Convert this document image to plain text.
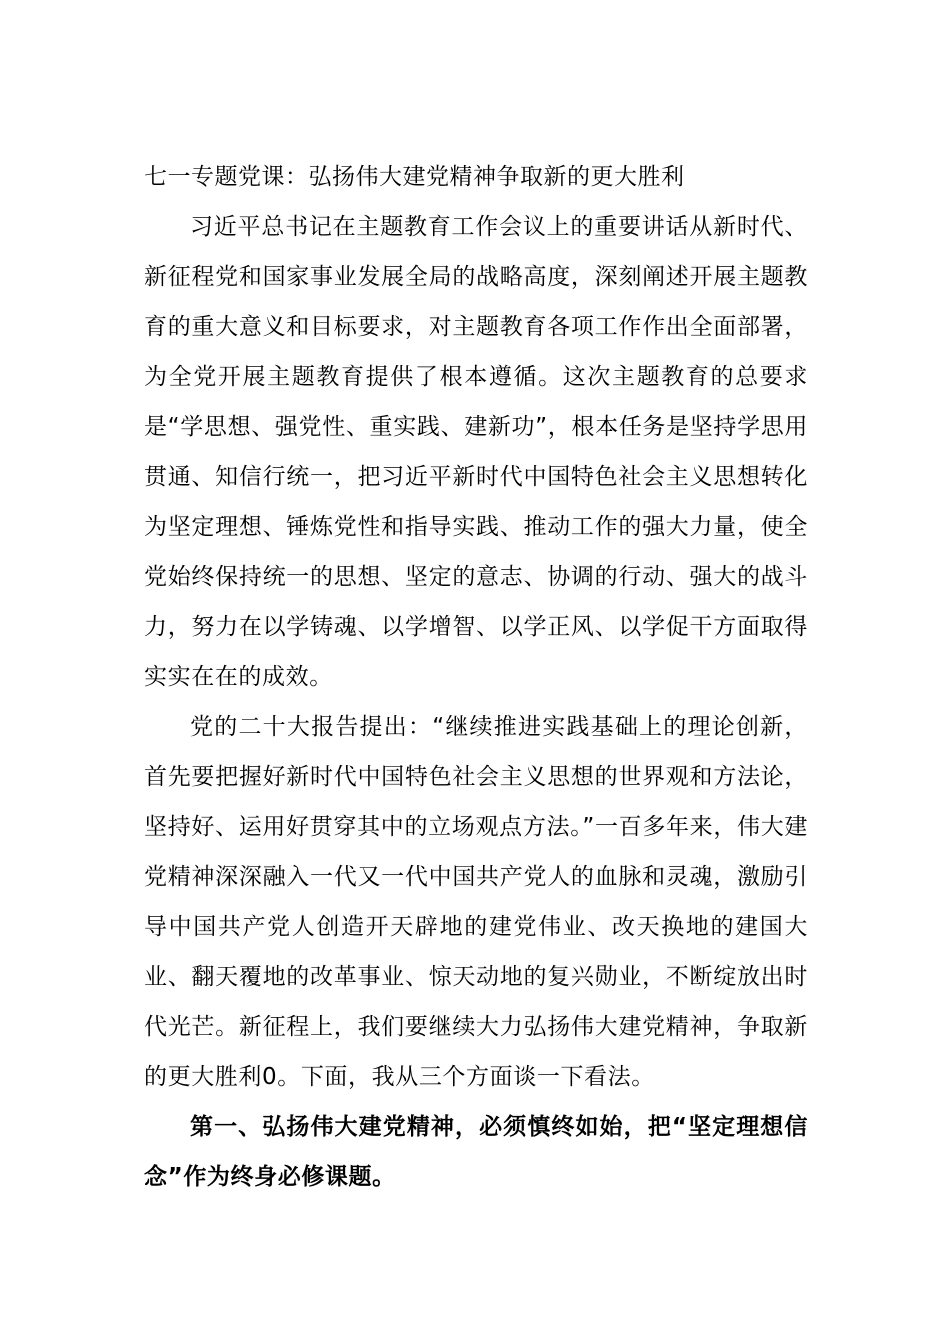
七一专题党课：弘扬伟大建党精神争取新的更大胜利

习近平总书记在主题教育工作会议上的重要讲话从新时代、新征程党和国家事业发展全局的战略高度，深刻阐述开展主题教育的重大意义和目标要求，对主题教育各项工作作出全面部署，为全党开展主题教育提供了根本遵循。这次主题教育的总要求是“学思想、强党性、重实践、建新功”，根本任务是坚持学思用贯通、知信行统一，把习近平新时代中国特色社会主义思想转化为坚定理想、锤炼党性和指导实践、推动工作的强大力量，使全党始终保持统一的思想、坚定的意志、协调的行动、强大的战斗力，努力在以学铸魂、以学增智、以学正风、以学促干方面取得实实在在的成效。

党的二十大报告提出：“继续推进实践基础上的理论创新，首先要把握好新时代中国特色社会主义思想的世界观和方法论，坚持好、运用好贯穿其中的立场观点方法。”一百多年来，伟大建党精神深深融入一代又一代中国共产党人的血脉和灵魂，激励引导中国共产党人创造开天辟地的建党伟业、改天换地的建国大业、翻天覆地的改革事业、惊天动地的复兴勋业，不断绽放出时代光芒。新征程上，我们要继续大力弘扬伟大建党精神，争取新的更大胜利0。下面，我从三个方面谈一下看法。

第一、弘扬伟大建党精神，必须慎终如始，把“坚定理想信念”作为终身必修课题。
